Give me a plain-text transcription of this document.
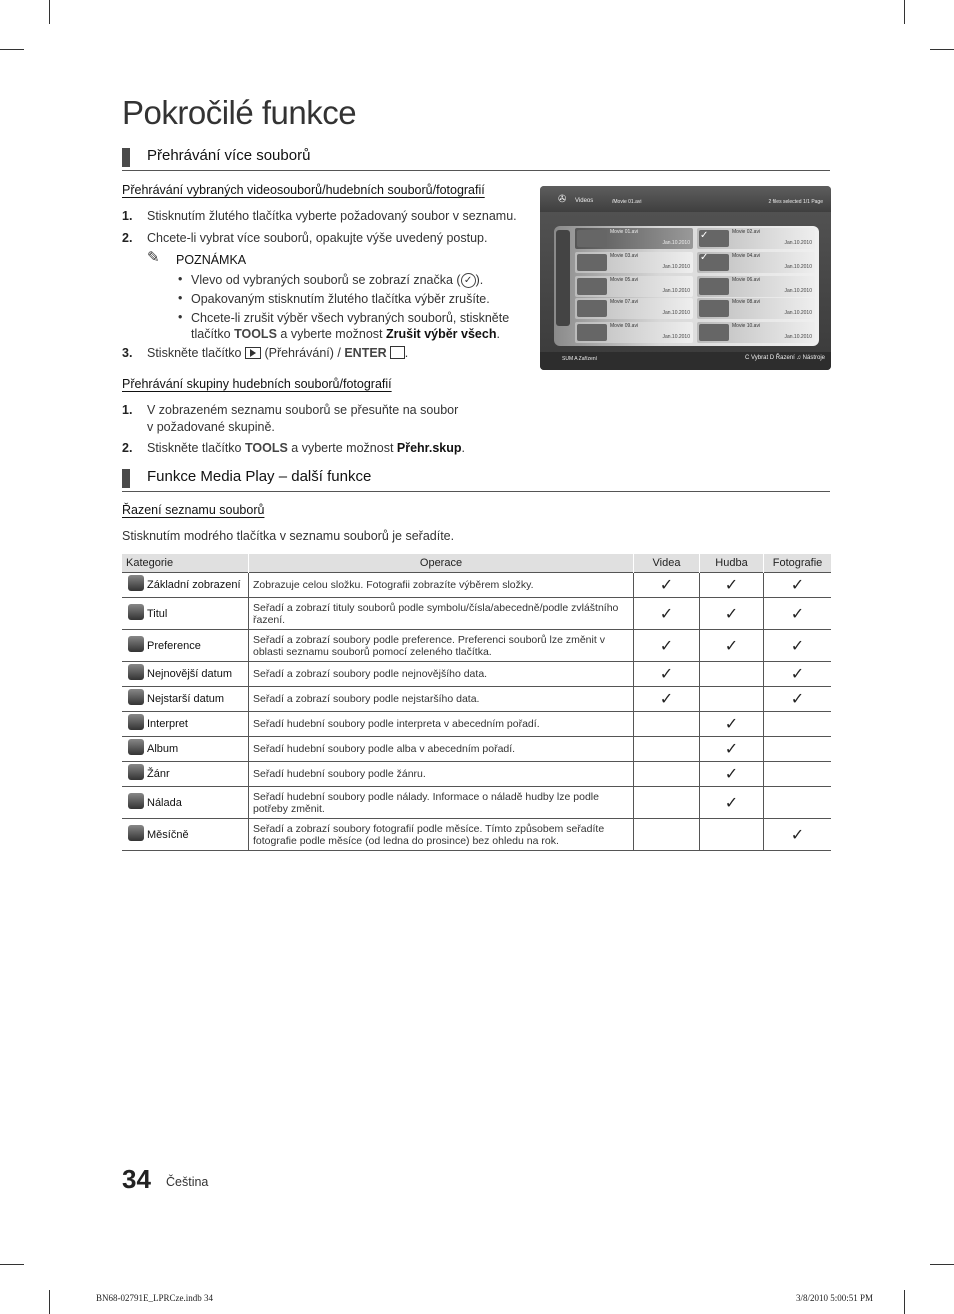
Pokročilé funkce
Přehrávání více souborů
Přehrávání vybraných videosouborů/hudebních souborů/fotografií
1. Stisknutím žlutého tlačítka vyberte požadovaný soubor v seznamu.
2. Chcete-li vybrat více souborů, opakujte výše uvedený postup.
✎ POZNÁMKA
• Vlevo od vybraných souborů se zobrazí značka ( ✓ ).
• Opakovaným stisknutím žlutého tlačítka výběr zrušíte.
• Chcete-li zrušit výběr všech vybraných souborů, stiskněte
tlačítko TOOLS a vyberte možnost Zrušit výběr všech.
3. Stiskněte tlačítko  (Přehrávání) / ENTER .
Přehrávání skupiny hudebních souborů/fotografií
1. V zobrazeném seznamu souborů se přesuňte na soubor
v požadované skupině.
2. Stiskněte tlačítko TOOLS a vyberte možnost Přehr.skup.
✇ Videos	/Movie 01.avi	2 files selected 1/1 Page
Movie 01.avi
Jan.10.2010
Movie 02.avi
Jan.10.2010
Movie 03.avi
Jan.10.2010
Movie 04.avi
Jan.10.2010
Movie 05.avi
Jan.10.2010
Movie 06.avi
Jan.10.2010
Movie 07.avi
Jan.10.2010
Movie 08.avi
Jan.10.2010
Movie 09.avi
Jan.10.2010
Movie 10.avi
Jan.10.2010
✓
✓
SUM A Zařízení	C Vybrat D Řazení ♫ Nástroje
Funkce Media Play – další funkce
Řazení seznamu souborů
Stisknutím modrého tlačítka v seznamu souborů je seřadíte.
Kategorie	Operace	Videa	Hudba	Fotografie
Základní zobrazení	Zobrazuje celou složku. Fotografii zobrazíte výběrem složky.	✓	✓	✓
Titul	Seřadí a zobrazí tituly souborů podle symbolu/čísla/abecedně/podle zvláštního řazení.	✓	✓	✓
Preference	Seřadí a zobrazí soubory podle preference. Preferenci souborů lze změnit v oblasti seznamu souborů pomocí zeleného tlačítka.	✓	✓	✓
Nejnovější datum	Seřadí a zobrazí soubory podle nejnovějšího data.	✓		✓
Nejstarší datum	Seřadí a zobrazí soubory podle nejstaršího data.	✓		✓
Interpret	Seřadí hudební soubory podle interpreta v abecedním pořadí.		✓	
Album	Seřadí hudební soubory podle alba v abecedním pořadí.		✓	
Žánr	Seřadí hudební soubory podle žánru.		✓	
Nálada	Seřadí hudební soubory podle nálady. Informace o náladě hudby lze podle potřeby změnit.		✓	
Měsíčně	Seřadí a zobrazí soubory fotografií podle měsíce. Tímto způsobem seřadíte fotografie podle měsíce (od ledna do prosince) bez ohledu na rok.			✓
34 Čeština
BN68-02791E_LPRCze.indb 34	3/8/2010 5:00:51 PM
